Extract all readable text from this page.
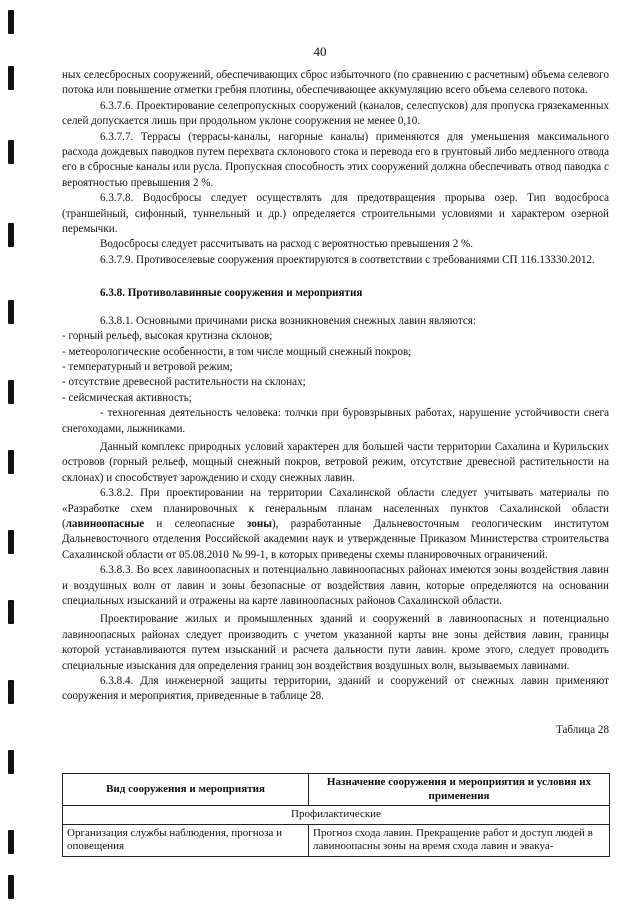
40

ных селесбросных сооружений, обеспечивающих сброс избыточного (по сравнению с расчетным) объема селевого потока или повышение отметки гребня плотины, обеспечивающее аккумуляцию всего объема селевого потока.

6.3.7.6. Проектирование селепропускных сооружений (каналов, селеспусков) для пропуска грязекаменных селей допускается лишь при продольном уклоне сооружения не менее 0,10.

6.3.7.7. Террасы (террасы-каналы, нагорные каналы) применяются для уменьшения максимального расхода дождевых паводков путем перехвата склонового стока и перевода его в грунтовый либо медленного отвода его в сбросные каналы или русла. Пропускная способность этих сооружений должна обеспечивать отвод паводка с вероятностью превышения 2 %.

6.3.7.8. Водосбросы следует осуществлять для предотвращения прорыва озер. Тип водосброса (траншейный, сифонный, туннельный и др.) определяется строительными условиями и характером озерной перемычки.

Водосбросы следует рассчитывать на расход с вероятностью превышения 2 %.

6.3.7.9. Противоселевые сооружения проектируются в соответствии с требованиями СП 116.13330.2012.

6.3.8. Противолавинные сооружения и мероприятия

6.3.8.1. Основными причинами риска возникновения снежных лавин являются:

- горный рельеф, высокая крутизна склонов;

- метеорологические особенности, в том числе мощный снежный покров;

- температурный и ветровой режим;

- отсутствие древесной растительности на склонах;

- сейсмическая активность;

- техногенная деятельность человека: толчки при буровзрывных работах, нарушение устойчивости снега снегоходами, лыжниками.

Данный комплекс природных условий характерен для большей части территории Сахалина и Курильских островов (горный рельеф, мощный снежный покров, ветровой режим, отсутствие древесной растительности на склонах) и способствует зарождению и сходу снежных лавин.

6.3.8.2. При проектировании на территории Сахалинской области следует учитывать материалы по «Разработке схем планировочных к генеральным планам населенных пунктов Сахалинской области (лавиноопасные и селеопасные зоны), разработанные Дальневосточным геологическим институтом Дальневосточного отделения Российской академии наук и утвержденные Приказом Министерства строительства Сахалинской области от 05.08.2010 № 99-1, в которых приведены схемы планировочных ограничений.

6.3.8.3. Во всех лавиноопасных и потенциально лавиноопасных районах имеются зоны воздействия лавин и воздушных волн от лавин и зоны безопасные от воздействия лавин, которые определяются на основании специальных изысканий и отражены на карте лавиноопасных районов Сахалинской области.

Проектирование жилых и промышленных зданий и сооружений в лавиноопасных и потенциально лавиноопасных районах следует производить с учетом указанной карты вне зоны действия лавин, границы которой устанавливаются путем изысканий и расчета дальности пути лавин. кроме этого, следует проводить специальные изыскания для определения границ зон воздействия воздушных волн, вызываемых лавинами.

6.3.8.4. Для инженерной защиты территории, зданий и сооружений от снежных лавин применяют сооружения и мероприятия, приведенные в таблице 28.

Таблица 28

Вид сооружения и мероприятия	Назначение сооружения и мероприятия и условия их применения
Профилактические	
Организация службы наблюдения, прогноза и оповещения	Прогноз схода лавин. Прекращение работ и доступ людей в лавиноопасны зоны на время схода лавин и эвакуа-
